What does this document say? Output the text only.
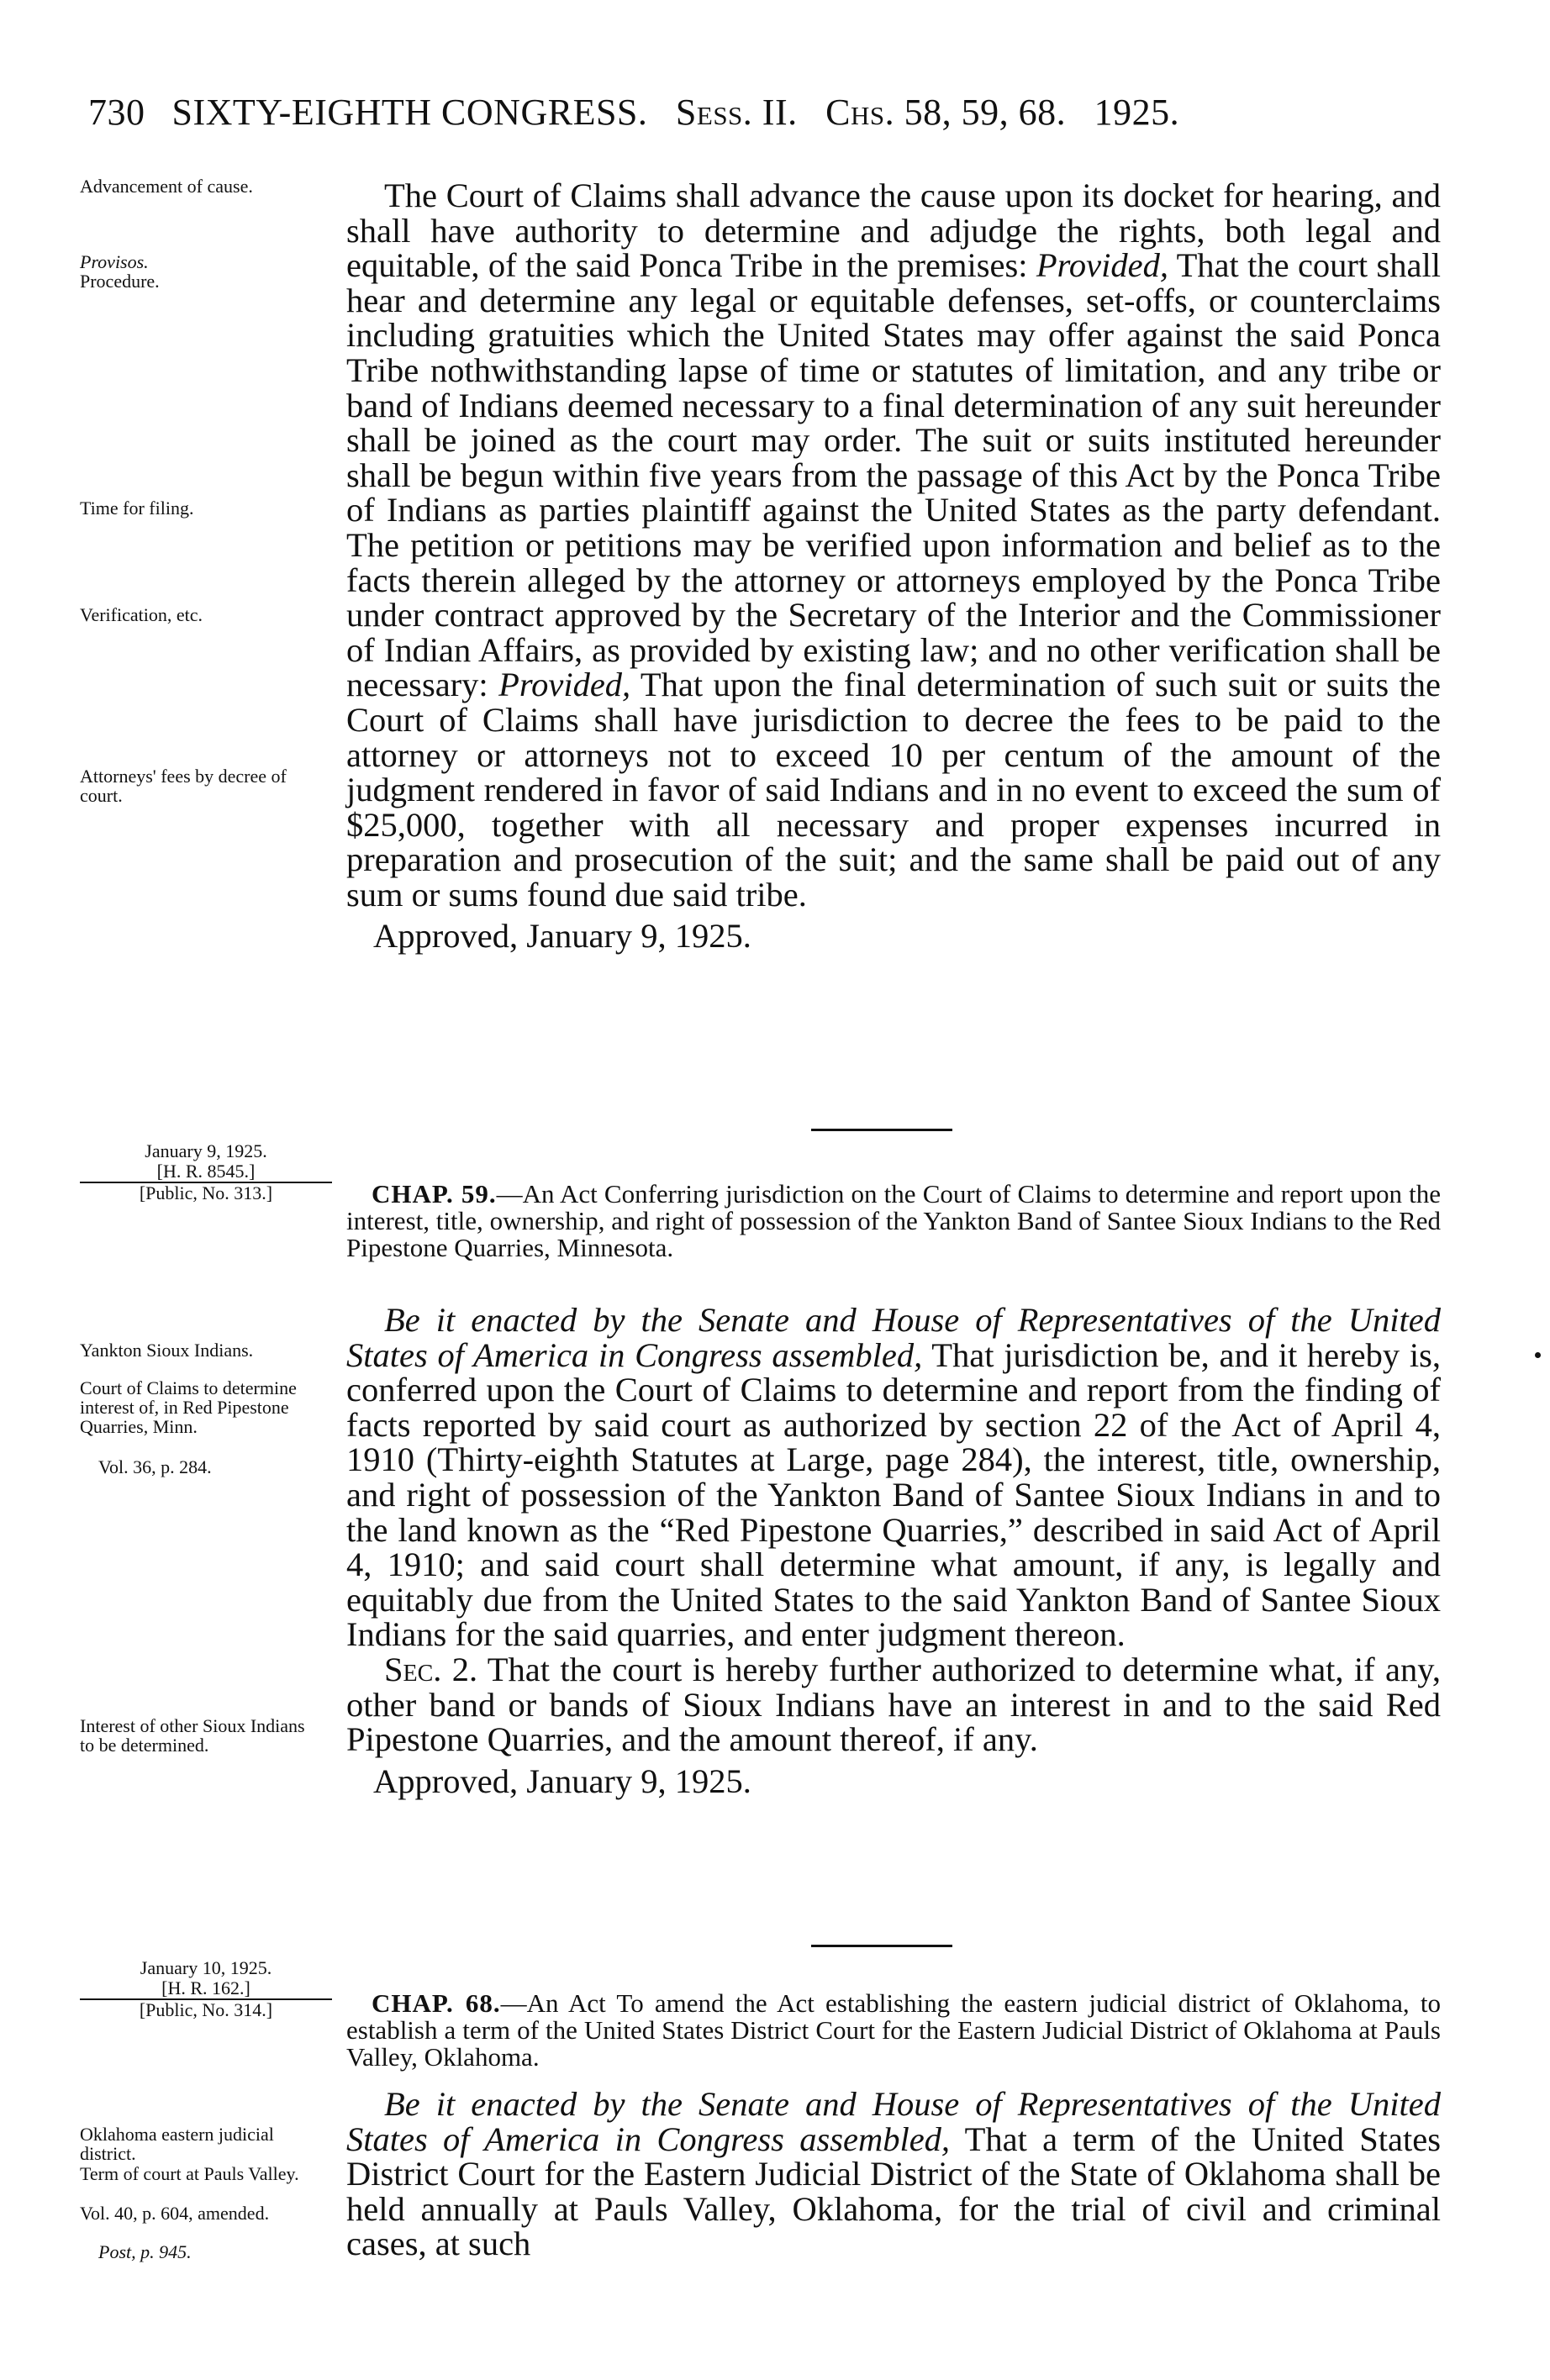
730 SIXTY-EIGHTH CONGRESS. Sess. II. Chs. 58, 59, 68. 1925.

The Court of Claims shall advance the cause upon its docket for hearing, and shall have authority to determine and adjudge the rights, both legal and equitable, of the said Ponca Tribe in the premises: Provided, That the court shall hear and determine any legal or equitable defenses, set-offs, or counterclaims including gratuities which the United States may offer against the said Ponca Tribe nothwithstanding lapse of time or statutes of limitation, and any tribe or band of Indians deemed necessary to a final determination of any suit hereunder shall be joined as the court may order. The suit or suits instituted hereunder shall be begun within five years from the passage of this Act by the Ponca Tribe of Indians as parties plaintiff against the United States as the party defendant. The petition or petitions may be verified upon information and belief as to the facts therein alleged by the attorney or attorneys employed by the Ponca Tribe under contract approved by the Secretary of the Interior and the Commissioner of Indian Affairs, as provided by existing law; and no other verification shall be necessary: Provided, That upon the final determination of such suit or suits the Court of Claims shall have jurisdiction to decree the fees to be paid to the attorney or attorneys not to exceed 10 per centum of the amount of the judgment rendered in favor of said Indians and in no event to exceed the sum of $25,000, together with all necessary and proper expenses incurred in preparation and prosecution of the suit; and the same shall be paid out of any sum or sums found due said tribe.

Approved, January 9, 1925.

Advancement of cause.
Provisos.
Procedure.
Time for filing.
Verification, etc.
Attorneys' fees by decree of court.
January 9, 1925.

[H. R. 8545.]
[Public, No. 313.]	CHAP. 59.—An Act Conferring jurisdiction on the Court of Claims to determine and report upon the interest, title, ownership, and right of possession of the Yankton Band of Santee Sioux Indians to the Red Pipestone Quarries, Minnesota.

Be it enacted by the Senate and House of Representatives of the United States of America in Congress assembled, That jurisdiction be, and it hereby is, conferred upon the Court of Claims to determine and report from the finding of facts reported by said court as authorized by section 22 of the Act of April 4, 1910 (Thirty-eighth Statutes at Large, page 284), the interest, title, ownership, and right of possession of the Yankton Band of Santee Sioux Indians in and to the land known as the “Red Pipestone Quarries,” described in said Act of April 4, 1910; and said court shall determine what amount, if any, is legally and equitably due from the United States to the said Yankton Band of Santee Sioux Indians for the said quarries, and enter judgment thereon.

Sec. 2. That the court is hereby further authorized to determine what, if any, other band or bands of Sioux Indians have an interest in and to the said Red Pipestone Quarries, and the amount thereof, if any.

Approved, January 9, 1925.

Yankton Sioux Indians.
Court of Claims to determine interest of, in Red Pipestone Quarries, Minn.
Vol. 36, p. 284.
Interest of other Sioux Indians to be determined.
January 10, 1925.

[H. R. 162.]
[Public, No. 314.]	CHAP. 68.—An Act To amend the Act establishing the eastern judicial district of Oklahoma, to establish a term of the United States District Court for the Eastern Judicial District of Oklahoma at Pauls Valley, Oklahoma.

Be it enacted by the Senate and House of Representatives of the United States of America in Congress assembled, That a term of the United States District Court for the Eastern Judicial District of the State of Oklahoma shall be held annually at Pauls Valley, Oklahoma, for the trial of civil and criminal cases, at such

Oklahoma eastern judicial district.
Term of court at Pauls Valley.
Vol. 40, p. 604, amended.
Post, p. 945.
